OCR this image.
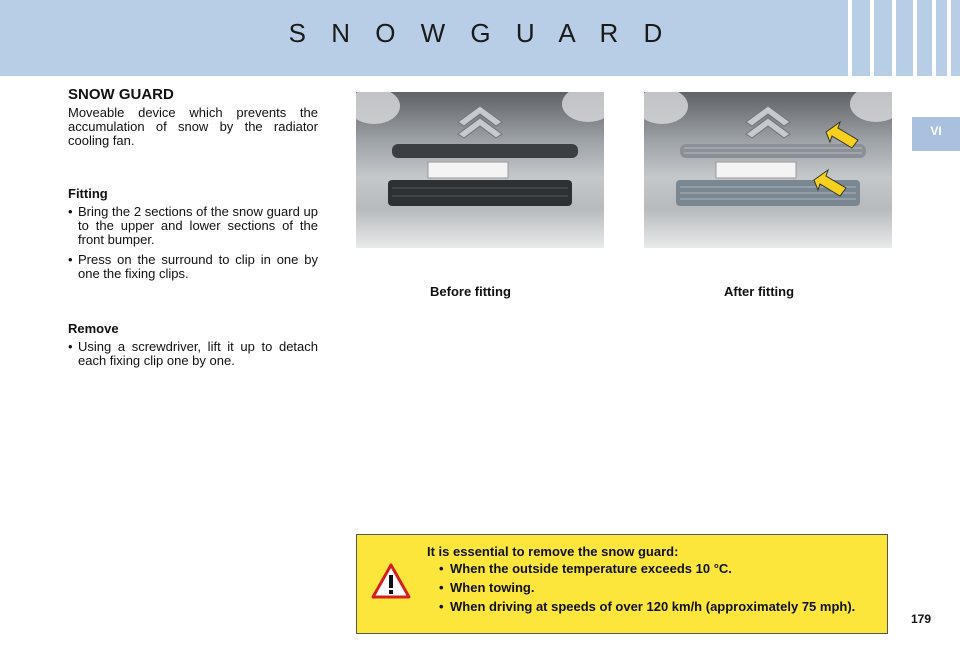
S N O W G U A R D
VI
SNOW GUARD

Moveable device which prevents the accumulation of snow by the radiator cooling fan.

Fitting

• Bring the 2 sections of the snow guard up to the upper and lower sections of the front bumper.

• Press on the surround to clip in one by one the fixing clips.

Remove

• Using a screwdriver, lift it up to detach each fixing clip one by one.

Before fitting	After fitting
It is essential to remove the snow guard:
• When the outside temperature exceeds 10 °C.
• When towing.
• When driving at speeds of over 120 km/h (approximately 75 mph).
179
